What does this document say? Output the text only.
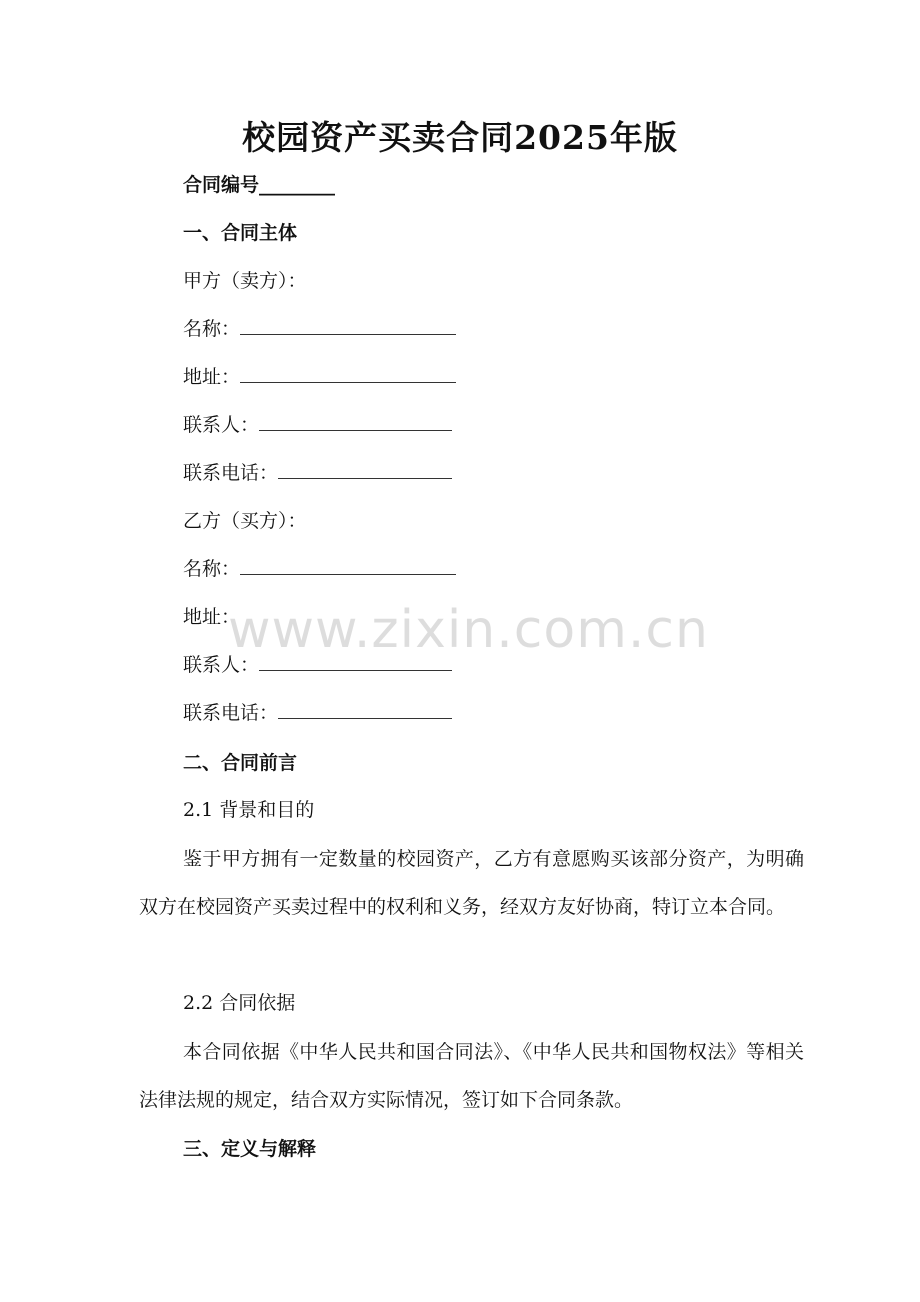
校园资产买卖合同2025年版
合同编号________
一、合同主体
甲方（卖方）：
名称：
地址：
联系人：
联系电话：
乙方（买方）：
名称：
地址：
联系人：
联系电话：
二、合同前言
2.1 背景和目的
鉴于甲方拥有一定数量的校园资产，乙方有意愿购买该部分资产，为明确双方在校园资产买卖过程中的权利和义务，经双方友好协商，特订立本合同。
2.2 合同依据
本合同依据《中华人民共和国合同法》、《中华人民共和国物权法》等相关法律法规的规定，结合双方实际情况，签订如下合同条款。
三、定义与解释
www.zixin.com.cn
